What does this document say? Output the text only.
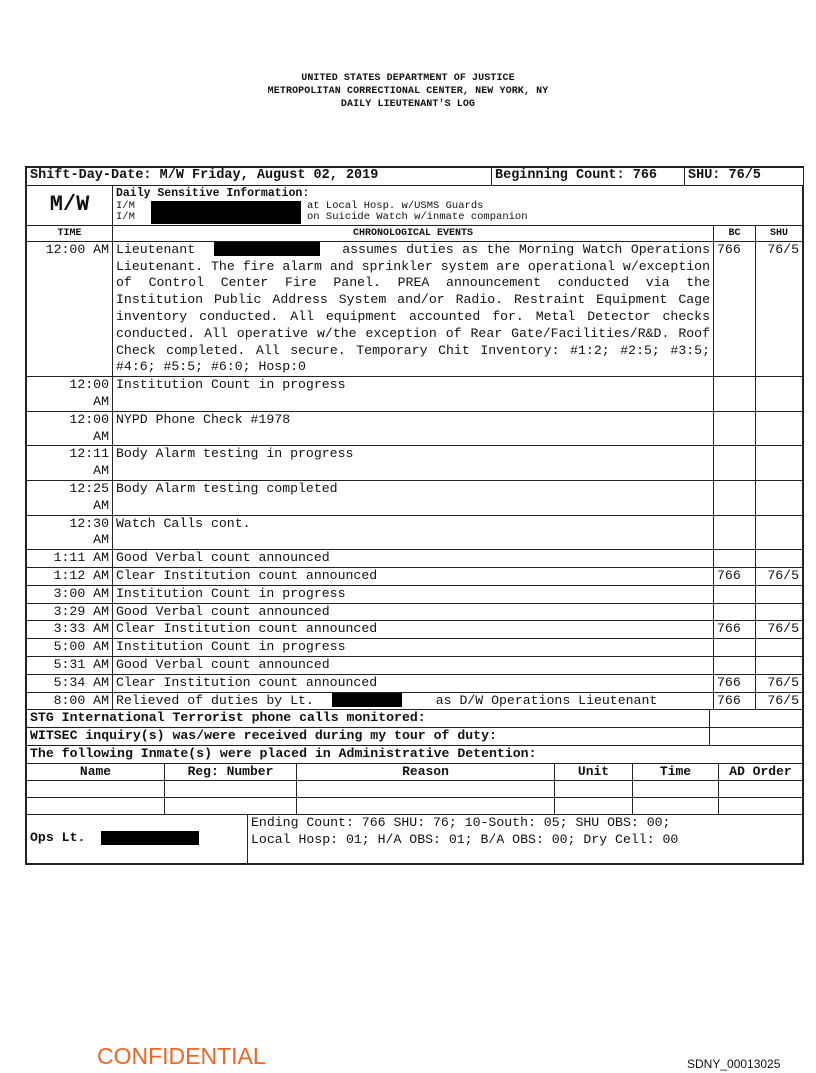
UNITED STATES DEPARTMENT OF JUSTICE
METROPOLITAN CORRECTIONAL CENTER, NEW YORK, NY
DAILY LIEUTENANT'S LOG
Shift-Day-Date: M/W Friday, August 02, 2019	Beginning Count: 766	SHU: 76/5
M/W	Daily Sensitive Information:
I/M	at Local Hosp. w/USMS Guards
I/M	on Suicide Watch w/inmate companion
TIME	CHRONOLOGICAL EVENTS	BC	SHU
12:00 AM	Lieutenant assumes duties as the Morning Watch Operations Lieutenant. The fire alarm and sprinkler system are operational w/exception of Control Center Fire Panel. PREA announcement conducted via the Institution Public Address System and/or Radio. Restraint Equipment Cage inventory conducted. All equipment accounted for. Metal Detector checks conducted. All operative w/the exception of Rear Gate/Facilities/R&D. Roof Check completed. All secure. Temporary Chit Inventory: #1:2; #2:5; #3:5; #4:6; #5:5; #6:0; Hosp:0	766	76/5

12:00
AM	Institution Count in progress		

12:00
AM	NYPD Phone Check #1978		

12:11
AM	Body Alarm testing in progress		

12:25
AM	Body Alarm testing completed		

12:30
AM	Watch Calls cont.		

1:11 AM	Good Verbal count announced		

1:12 AM	Clear Institution count announced	766	76/5

3:00 AM	Institution Count in progress		

3:29 AM	Good Verbal count announced		

3:33 AM	Clear Institution count announced	766	76/5

5:00 AM	Institution Count in progress		

5:31 AM	Good Verbal count announced		

5:34 AM	Clear Institution count announced	766	76/5
8:00 AM	Relieved of duties by Lt. as D/W Operations Lieutenant	766	76/5
STG International Terrorist phone calls monitored:	
WITSEC inquiry(s) was/were received during my tour of duty:	
The following Inmate(s) were placed in Administrative Detention:	
Name	Reg: Number	Reason	Unit	Time	AD Order

Ops Lt.	
Ending Count: 766 SHU: 76; 10-South: 05; SHU OBS: 00;
Local Hosp: 01; H/A OBS: 01; B/A OBS: 00; Dry Cell: 00
CONFIDENTIAL	SDNY_00013025
